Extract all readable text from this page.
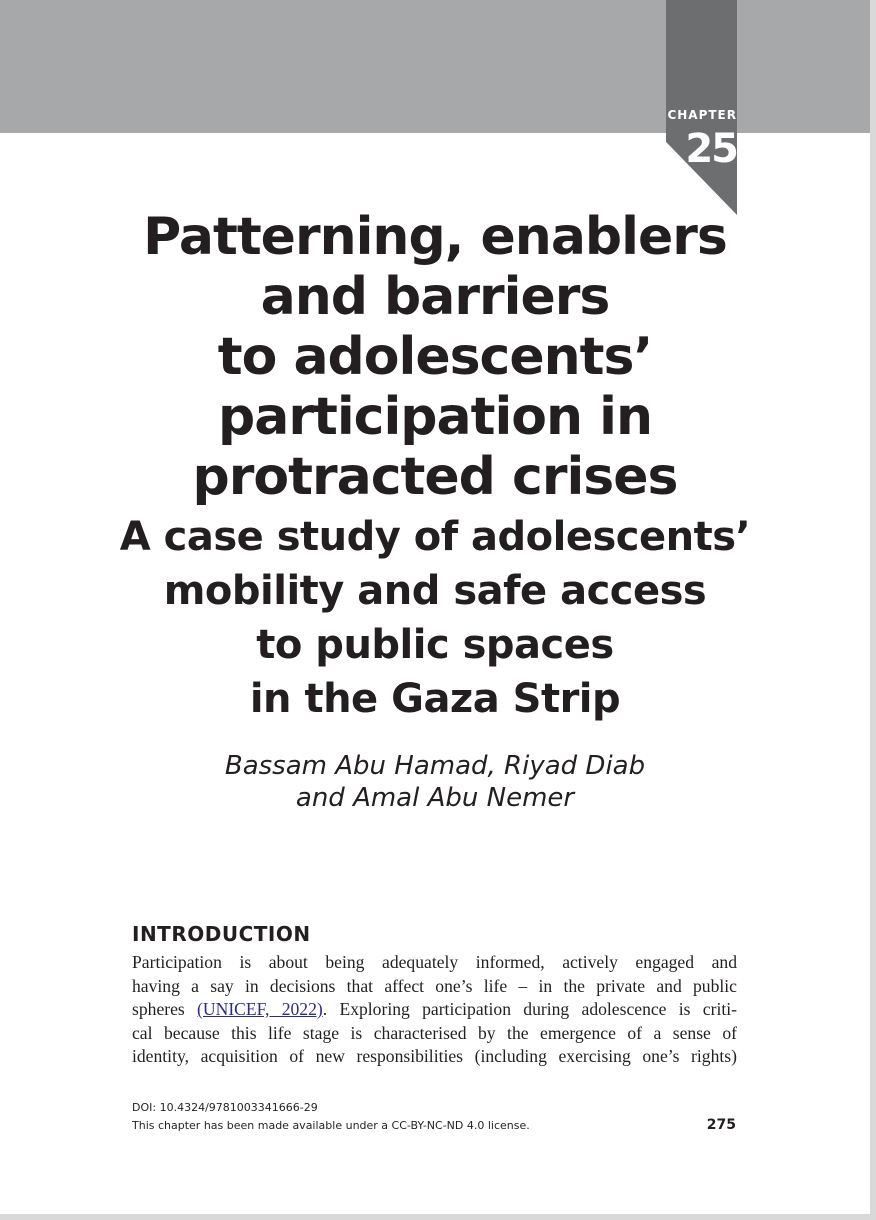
CHAPTER
25
Patterning, enablers
and barriers
to adolescents’
participation in
protracted crises
A case study of adolescents’
mobility and safe access
to public spaces
in the Gaza Strip
Bassam Abu Hamad, Riyad Diab
and Amal Abu Nemer
INTRODUCTION

Participation is about being adequately informed, actively engaged and
having a say in decisions that affect one’s life – in the private and public
spheres (UNICEF, 2022). Exploring participation during adolescence is criti-
cal because this life stage is characterised by the emergence of a sense of
identity, acquisition of new responsibilities (including exercising one’s rights)

DOI: 10.4324/9781003341666-29
This chapter has been made available under a CC-BY-NC-ND 4.0 license.	275
